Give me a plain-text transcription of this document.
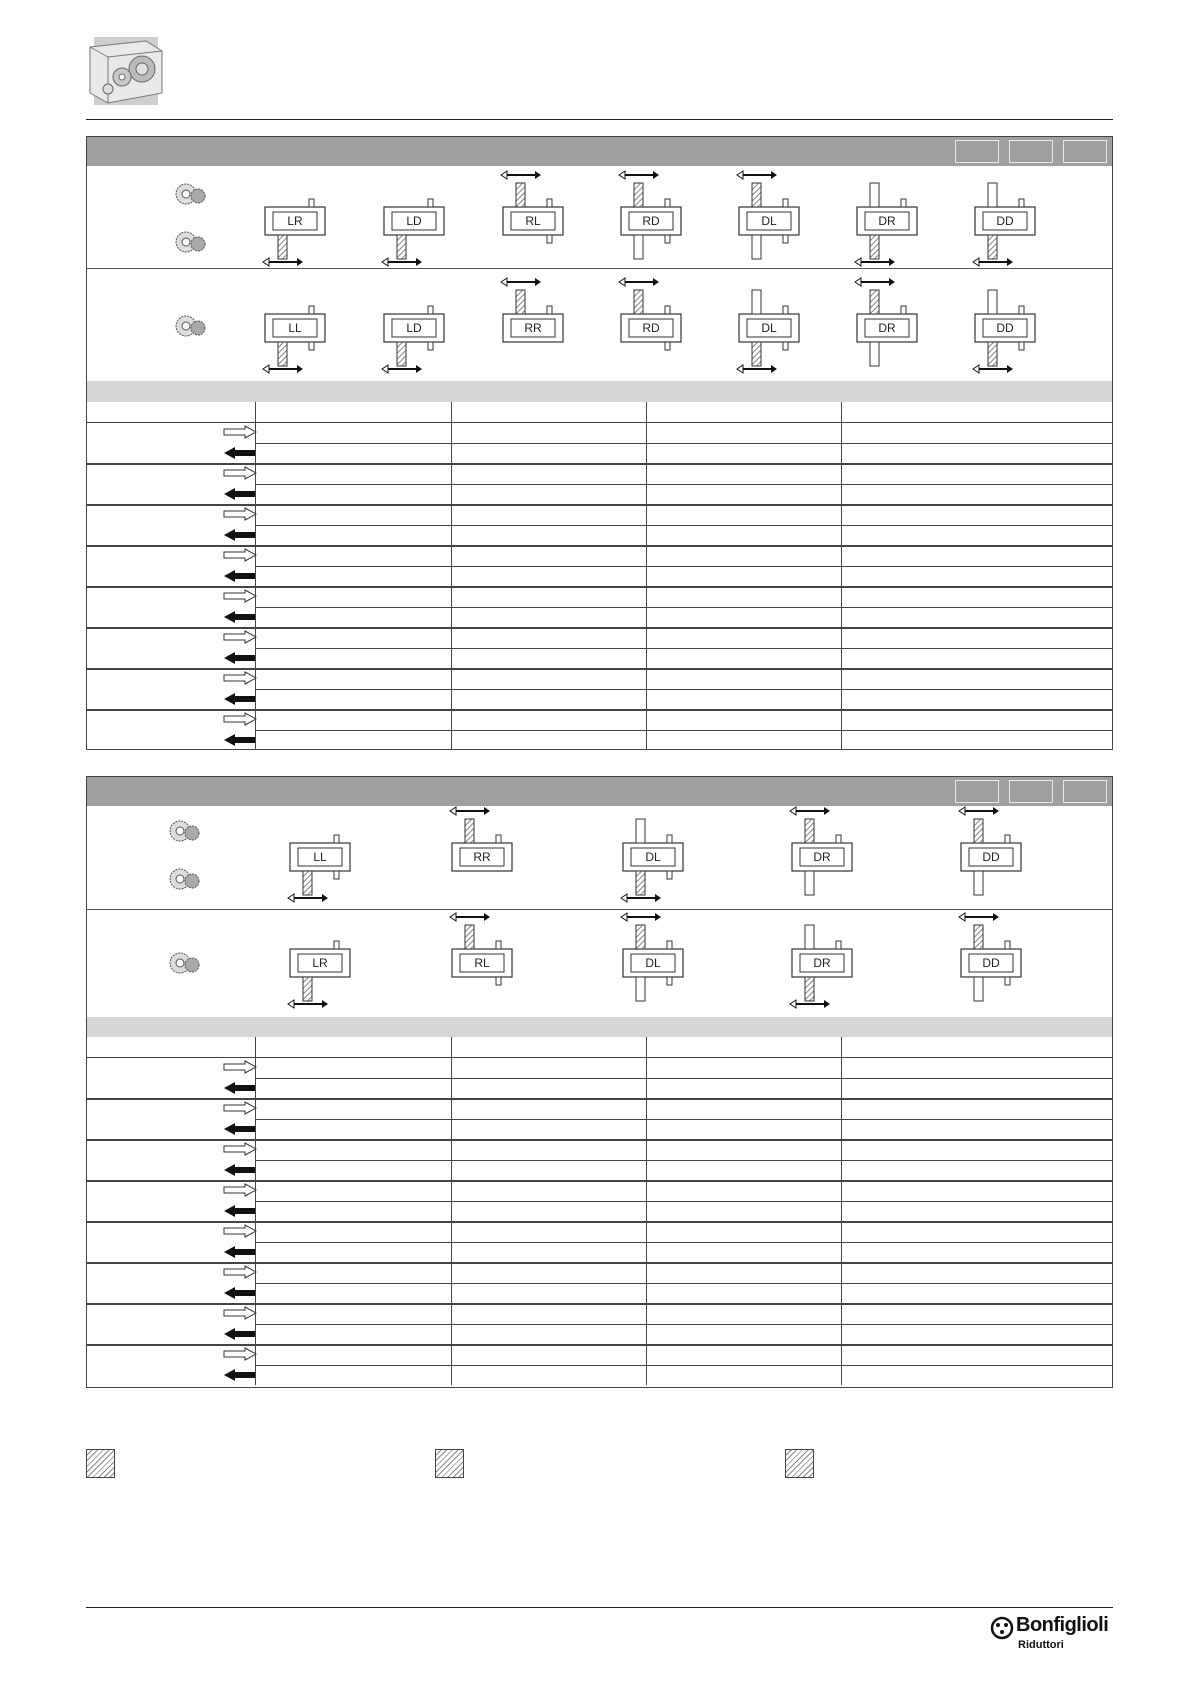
LR	LD	RL	RD	DL	DR	DD
LL	LD	RR	RD	DL	DR	DD
LL	RR	DL	DR	DD
LR	RL	DL	DR	DD
Bonfiglioli
Riduttori
